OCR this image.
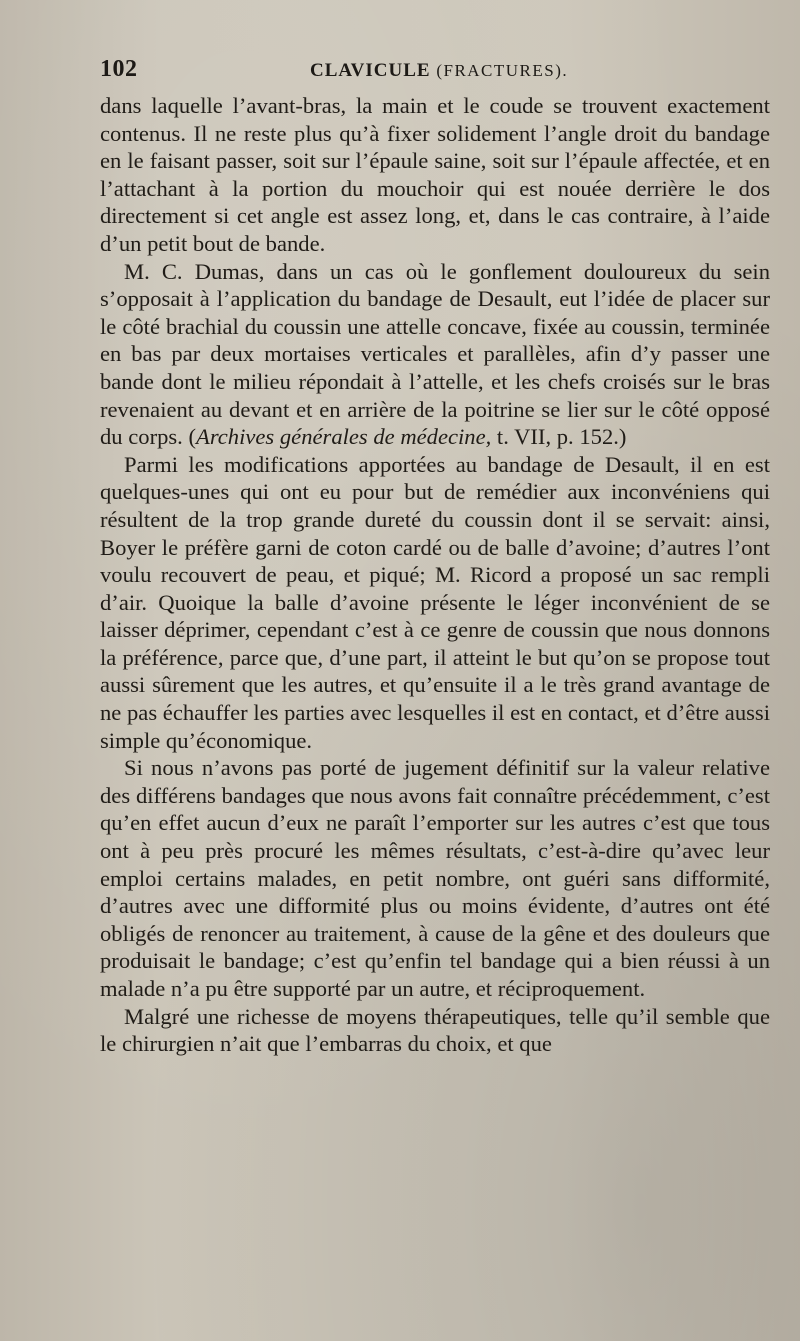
102	CLAVICULE (FRACTURES).

dans laquelle l’avant-bras, la main et le coude se trouvent exactement contenus. Il ne reste plus qu’à fixer solidement l’angle droit du bandage en le faisant passer, soit sur l’épaule saine, soit sur l’épaule affectée, et en l’attachant à la portion du mouchoir qui est nouée derrière le dos directement si cet angle est assez long, et, dans le cas contraire, à l’aide d’un petit bout de bande.

M. C. Dumas, dans un cas où le gonflement douloureux du sein s’opposait à l’application du bandage de Desault, eut l’idée de placer sur le côté brachial du coussin une attelle concave, fixée au coussin, terminée en bas par deux mortaises verticales et parallèles, afin d’y passer une bande dont le milieu répondait à l’attelle, et les chefs croisés sur le bras revenaient au devant et en arrière de la poitrine se lier sur le côté opposé du corps. (Archives générales de médecine, t. VII, p. 152.)

Parmi les modifications apportées au bandage de Desault, il en est quelques-unes qui ont eu pour but de remédier aux inconvéniens qui résultent de la trop grande dureté du coussin dont il se servait: ainsi, Boyer le préfère garni de coton cardé ou de balle d’avoine; d’autres l’ont voulu recouvert de peau, et piqué; M. Ricord a proposé un sac rempli d’air. Quoique la balle d’avoine présente le léger inconvénient de se laisser déprimer, cependant c’est à ce genre de coussin que nous donnons la préférence, parce que, d’une part, il atteint le but qu’on se propose tout aussi sûrement que les autres, et qu’ensuite il a le très grand avantage de ne pas échauffer les parties avec lesquelles il est en contact, et d’être aussi simple qu’économique.

Si nous n’avons pas porté de jugement définitif sur la valeur relative des différens bandages que nous avons fait connaître précédemment, c’est qu’en effet aucun d’eux ne paraît l’emporter sur les autres c’est que tous ont à peu près procuré les mêmes résultats, c’est-à-dire qu’avec leur emploi certains malades, en petit nombre, ont guéri sans difformité, d’autres avec une difformité plus ou moins évidente, d’autres ont été obligés de renoncer au traitement, à cause de la gêne et des douleurs que produisait le bandage; c’est qu’enfin tel bandage qui a bien réussi à un malade n’a pu être supporté par un autre, et réciproquement.

Malgré une richesse de moyens thérapeutiques, telle qu’il semble que le chirurgien n’ait que l’embarras du choix, et que
